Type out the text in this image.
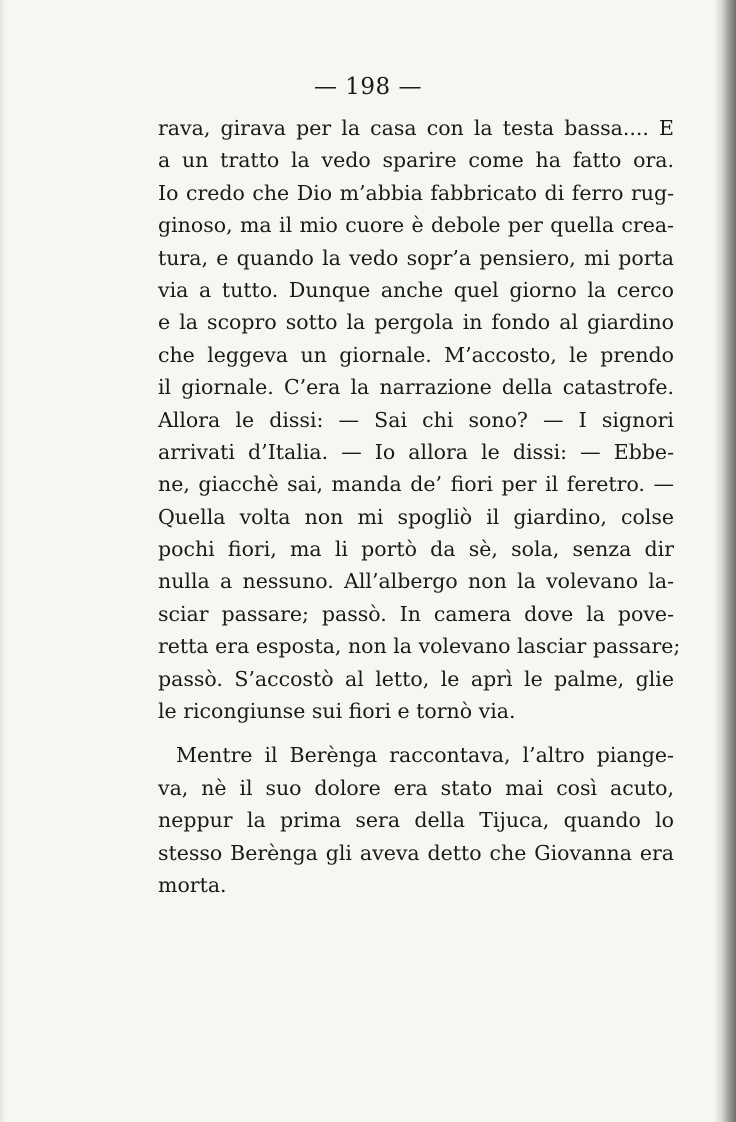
— 198 —
rava, girava per la casa con la testa bassa.... E
a un tratto la vedo sparire come ha fatto ora.
Io credo che Dio m’abbia fabbricato di ferro rug-
ginoso, ma il mio cuore è debole per quella crea-
tura, e quando la vedo sopr’a pensiero, mi porta
via a tutto. Dunque anche quel giorno la cerco
e la scopro sotto la pergola in fondo al giardino
che leggeva un giornale. M’accosto, le prendo
il giornale. C’era la narrazione della catastrofe.
Allora le dissi: — Sai chi sono? — I signori
arrivati d’Italia. — Io allora le dissi: — Ebbe-
ne, giacchè sai, manda de’ fiori per il feretro. —
Quella volta non mi spogliò il giardino, colse
pochi fiori, ma li portò da sè, sola, senza dir
nulla a nessuno. All’albergo non la volevano la-
sciar passare; passò. In camera dove la pove-
retta era esposta, non la volevano lasciar passare;
passò. S’accostò al letto, le aprì le palme, glie
le ricongiunse sui fiori e tornò via.
Mentre il Berènga raccontava, l’altro piange-
va, nè il suo dolore era stato mai così acuto,
neppur la prima sera della Tijuca, quando lo
stesso Berènga gli aveva detto che Giovanna era
morta.
